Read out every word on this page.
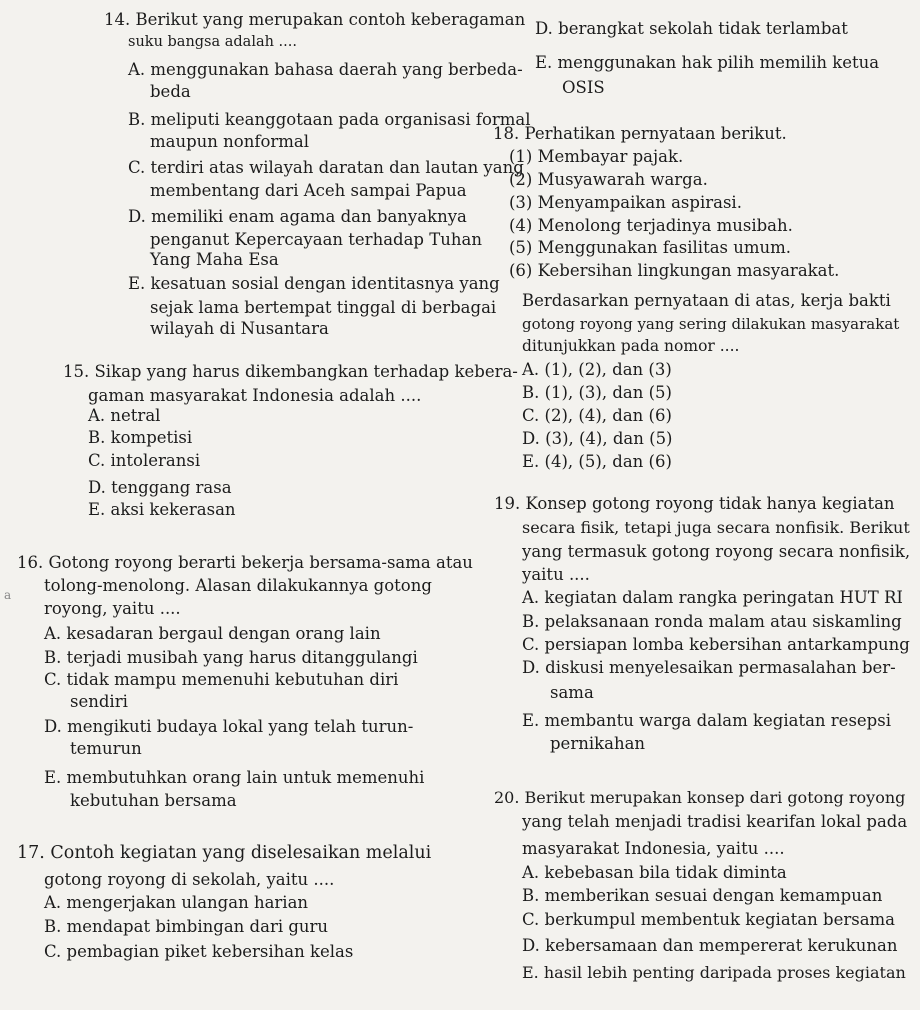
a
14. Berikut yang merupakan contoh keberagaman
suku bangsa adalah ....
A. menggunakan bahasa daerah yang berbeda-
beda
B. meliputi keanggotaan pada organisasi formal
maupun nonformal
C. terdiri atas wilayah daratan dan lautan yang
membentang dari Aceh sampai Papua
D. memiliki enam agama dan banyaknya
penganut Kepercayaan terhadap Tuhan
Yang Maha Esa
E. kesatuan sosial dengan identitasnya yang
sejak lama bertempat tinggal di berbagai
wilayah di Nusantara
15. Sikap yang harus dikembangkan terhadap kebera-
gaman masyarakat Indonesia adalah ....
A. netral
B. kompetisi
C. intoleransi
D. tenggang rasa
E. aksi kekerasan
16. Gotong royong berarti bekerja bersama-sama atau
tolong-menolong. Alasan dilakukannya gotong
royong, yaitu ....
A. kesadaran bergaul dengan orang lain
B. terjadi musibah yang harus ditanggulangi
C. tidak mampu memenuhi kebutuhan diri
sendiri
D. mengikuti budaya lokal yang telah turun-
temurun
E. membutuhkan orang lain untuk memenuhi
kebutuhan bersama
17. Contoh kegiatan yang diselesaikan melalui
gotong royong di sekolah, yaitu ....
A. mengerjakan ulangan harian
B. mendapat bimbingan dari guru
C. pembagian piket kebersihan kelas
D. berangkat sekolah tidak terlambat
E. menggunakan hak pilih memilih ketua
OSIS
18. Perhatikan pernyataan berikut.
(1) Membayar pajak.
(2) Musyawarah warga.
(3) Menyampaikan aspirasi.
(4) Menolong terjadinya musibah.
(5) Menggunakan fasilitas umum.
(6) Kebersihan lingkungan masyarakat.
Berdasarkan pernyataan di atas, kerja bakti
gotong royong yang sering dilakukan masyarakat
ditunjukkan pada nomor ....
A. (1), (2), dan (3)
B. (1), (3), dan (5)
C. (2), (4), dan (6)
D. (3), (4), dan (5)
E. (4), (5), dan (6)
19. Konsep gotong royong tidak hanya kegiatan
secara fisik, tetapi juga secara nonfisik. Berikut
yang termasuk gotong royong secara nonfisik,
yaitu ....
A. kegiatan dalam rangka peringatan HUT RI
B. pelaksanaan ronda malam atau siskamling
C. persiapan lomba kebersihan antarkampung
D. diskusi menyelesaikan permasalahan ber-
sama
E. membantu warga dalam kegiatan resepsi
pernikahan
20. Berikut merupakan konsep dari gotong royong
yang telah menjadi tradisi kearifan lokal pada
masyarakat Indonesia, yaitu ....
A. kebebasan bila tidak diminta
B. memberikan sesuai dengan kemampuan
C. berkumpul membentuk kegiatan bersama
D. kebersamaan dan mempererat kerukunan
E. hasil lebih penting daripada proses kegiatan
